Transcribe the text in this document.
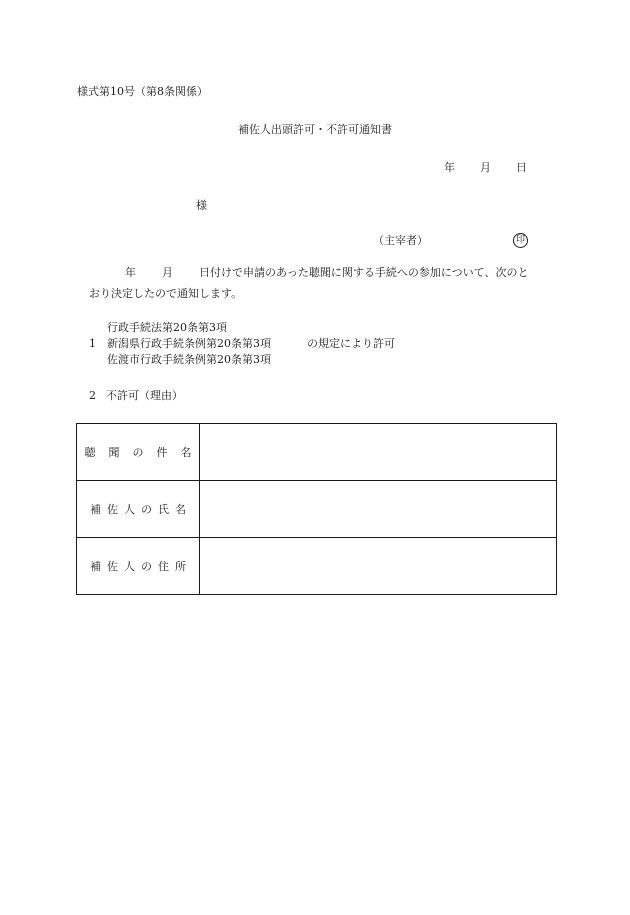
様式第10号（第8条関係）
補佐人出頭許可・不許可通知書
年	月	日
様
（主宰者）	印
年 月 日付けで申請のあった聴聞に関する手続への参加について、次のと
おり決定したので通知します。
行政手続法第20条第3項
1 新潟県行政手続条例第20条第3項	の規定により許可
佐渡市行政手続条例第20条第3項
2 不許可（理由）
聴聞の件名	
補佐人の氏名	
補佐人の住所	
